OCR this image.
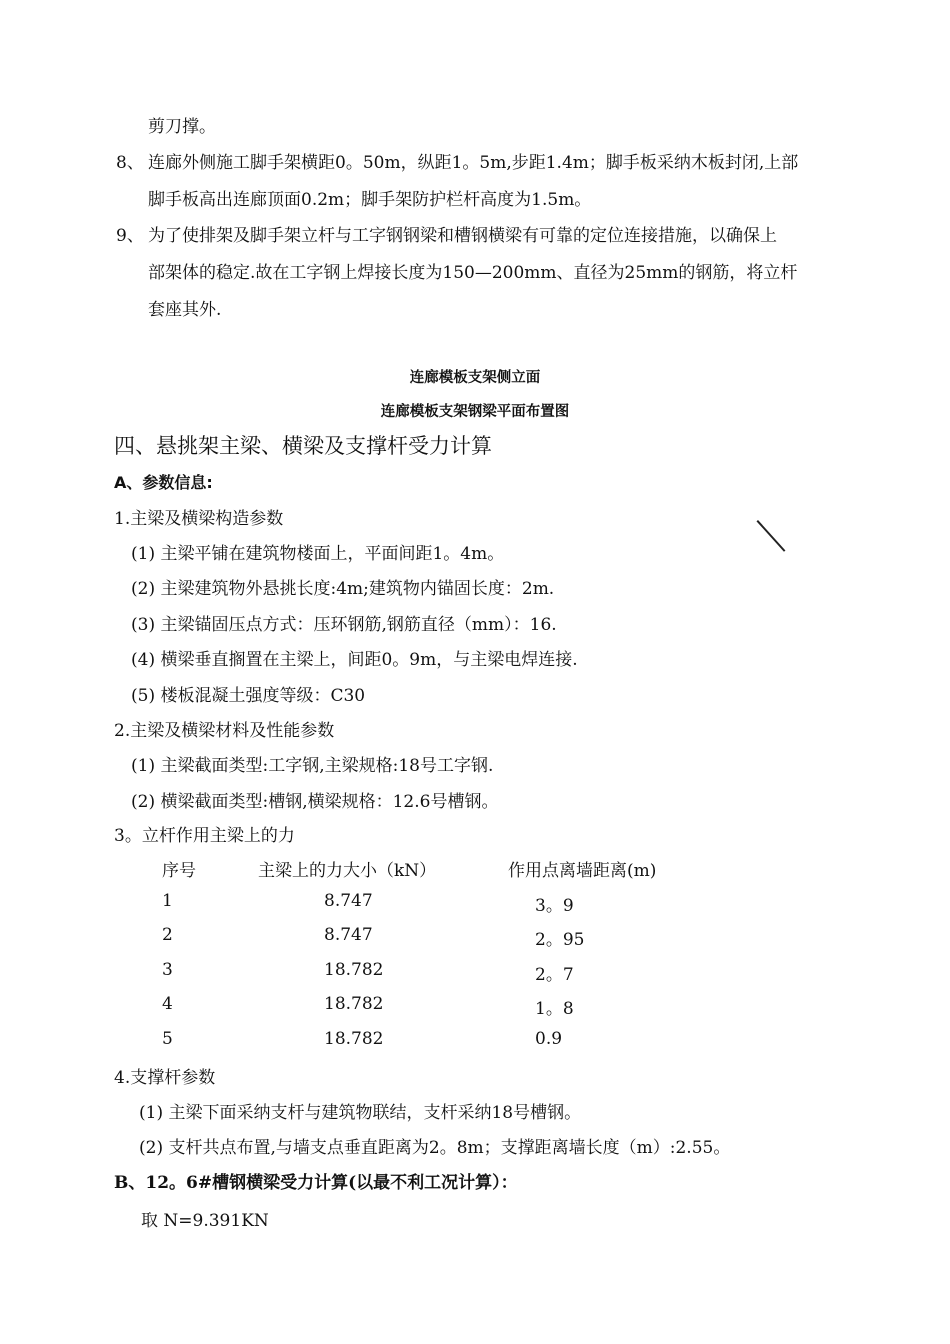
剪刀撑。
8、 连廊外侧施工脚手架横距0。50m，纵距1。5m,步距1.4m；脚手板采纳木板封闭,上部
脚手板高出连廊顶面0.2m；脚手架防护栏杆高度为1.5m。
9、 为了使排架及脚手架立杆与工字钢钢梁和槽钢横梁有可靠的定位连接措施，以确保上
部架体的稳定.故在工字钢上焊接长度为150—200mm、直径为25mm的钢筋，将立杆
套座其外.
连廊模板支架侧立面
连廊模板支架钢梁平面布置图
四、悬挑架主梁、横梁及支撑杆受力计算
A、参数信息:
1.主梁及横梁构造参数
(1) 主梁平铺在建筑物楼面上，平面间距1。4m。
(2) 主梁建筑物外悬挑长度:4m;建筑物内锚固长度：2m.
(3) 主梁锚固压点方式：压环钢筋,钢筋直径（mm）：16.
(4) 横梁垂直搁置在主梁上，间距0。9m，与主梁电焊连接.
(5) 楼板混凝土强度等级：C30
2.主梁及横梁材料及性能参数
(1) 主梁截面类型:工字钢,主梁规格:18号工字钢.
(2) 横梁截面类型:槽钢,横梁规格：12.6号槽钢。
3。立杆作用主梁上的力
序号	主梁上的力大小（kN）	作用点离墙距离(m)
1	8.747	3。9
2	8.747	2。95
3	18.782	2。7
4	18.782	1。8
5	18.782	0.9
4.支撑杆参数
(1) 主梁下面采纳支杆与建筑物联结，支杆采纳18号槽钢。
(2) 支杆共点布置,与墙支点垂直距离为2。8m；支撑距离墙长度（m）:2.55。
B、12。6#槽钢横梁受力计算(以最不利工况计算）：
取 N=9.391KN
